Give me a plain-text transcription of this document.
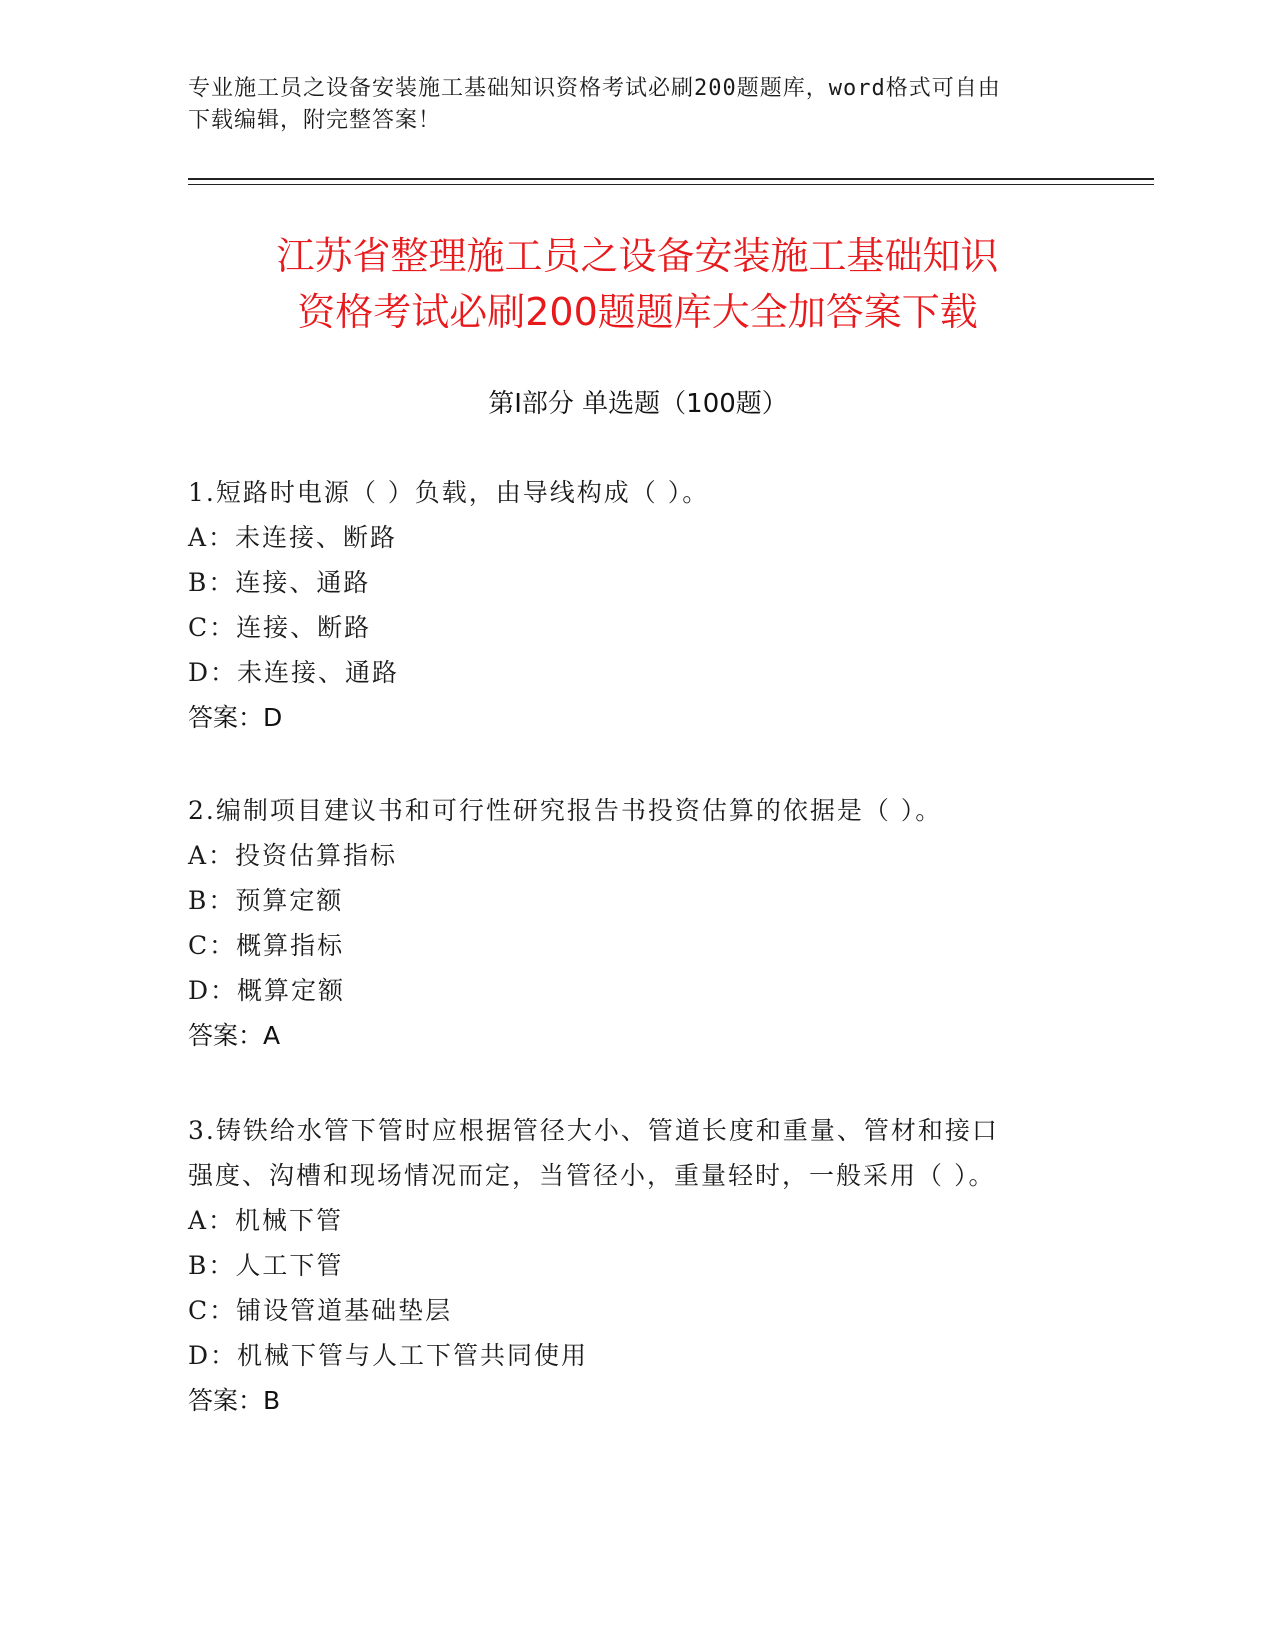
专业施工员之设备安装施工基础知识资格考试必刷200题题库，word格式可自由
下载编辑，附完整答案！
江苏省整理施工员之设备安装施工基础知识
资格考试必刷200题题库大全加答案下载
第Ⅰ部分 单选题（100题）

1.短路时电源（ ）负载，由导线构成（ ）。

A：未连接、断路

B：连接、通路

C：连接、断路

D：未连接、通路

答案：D

2.编制项目建议书和可行性研究报告书投资估算的依据是（ ）。

A：投资估算指标

B：预算定额

C：概算指标

D：概算定额

答案：A

3.铸铁给水管下管时应根据管径大小、管道长度和重量、管材和接口

强度、沟槽和现场情况而定，当管径小，重量轻时，一般采用（ ）。

A：机械下管

B：人工下管

C：铺设管道基础垫层

D：机械下管与人工下管共同使用

答案：B
